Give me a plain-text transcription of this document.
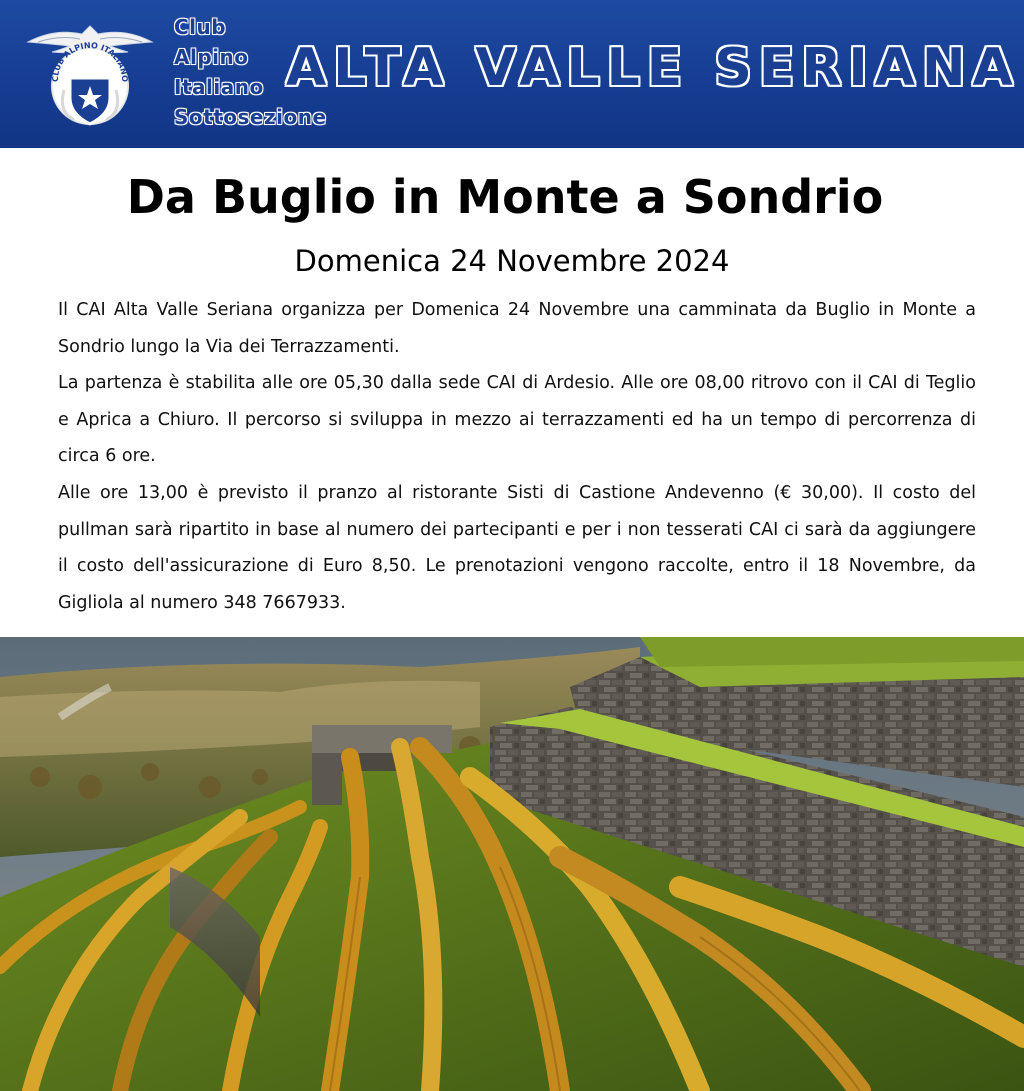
CLUB ALPINO ITALIANO
Club
Alpino
Italiano
Sottosezione
ALTA VALLE SERIANA
Da Buglio in Monte a Sondrio
Domenica 24 Novembre 2024

Il CAI Alta Valle Seriana organizza per Domenica 24 Novembre una camminata da Buglio in Monte a Sondrio lungo la Via dei Terrazzamenti.

La partenza è stabilita alle ore 05,30 dalla sede CAI di Ardesio. Alle ore 08,00 ritrovo con il CAI di Teglio e Aprica a Chiuro. Il percorso si sviluppa in mezzo ai terrazzamenti ed ha un tempo di percorrenza di circa 6 ore.

Alle ore 13,00 è previsto il pranzo al ristorante Sisti di Castione Andevenno (€ 30,00). Il costo del pullman sarà ripartito in base al numero dei partecipanti e per i non tesserati CAI ci sarà da aggiungere il costo dell'assicurazione di Euro 8,50. Le prenotazioni vengono raccolte, entro il 18 Novembre, da Gigliola al numero 348 7667933.
